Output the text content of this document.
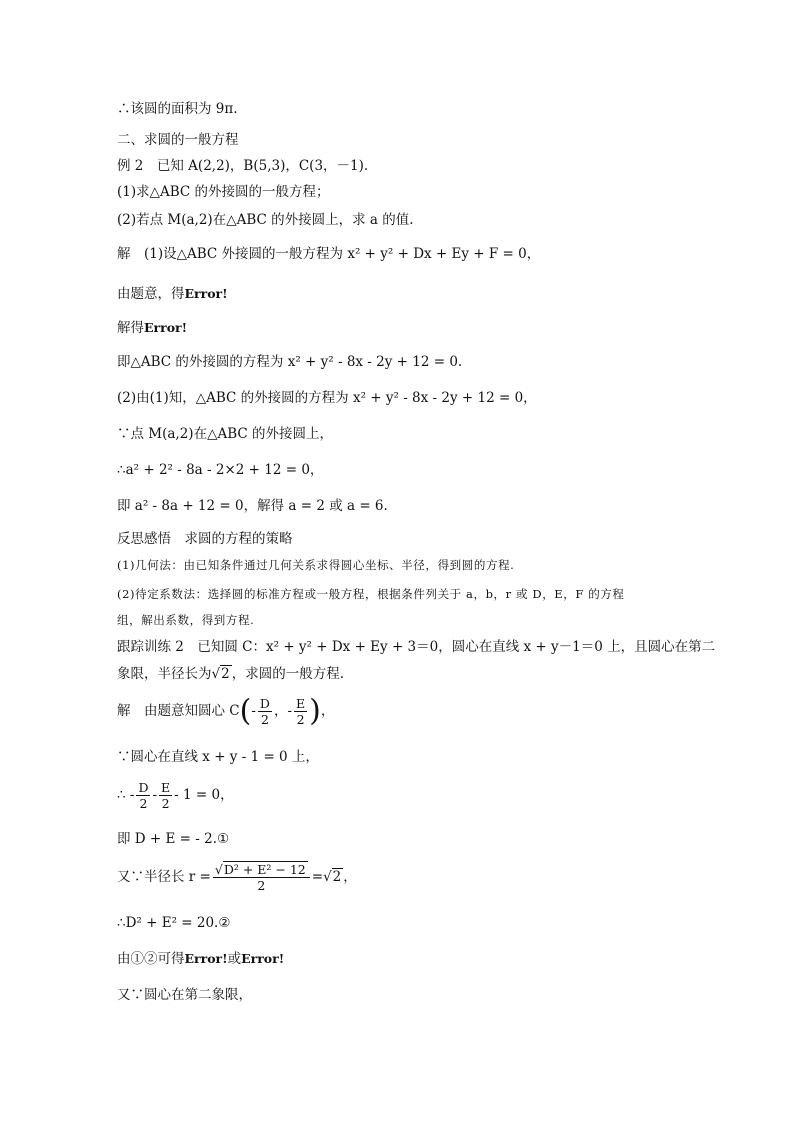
∴该圆的面积为 9π.
二、求圆的一般方程
例 2　已知 A(2,2)，B(5,3)，C(3，－1).
(1)求△ABC 的外接圆的一般方程；
(2)若点 M(a,2)在△ABC 的外接圆上，求 a 的值.
解　(1)设△ABC 外接圆的一般方程为 x² + y² + Dx + Ey + F = 0，
由题意，得Error!
解得Error!
即△ABC 的外接圆的方程为 x² + y² - 8x - 2y + 12 = 0.
(2)由(1)知，△ABC 的外接圆的方程为 x² + y² - 8x - 2y + 12 = 0，
∵点 M(a,2)在△ABC 的外接圆上，
∴a² + 2² - 8a - 2×2 + 12 = 0，
即 a² - 8a + 12 = 0，解得 a = 2 或 a = 6.
反思感悟　求圆的方程的策略
(1)几何法：由已知条件通过几何关系求得圆心坐标、半径，得到圆的方程.
(2)待定系数法：选择圆的标准方程或一般方程，根据条件列关于 a，b，r 或 D，E，F 的方程
组，解出系数，得到方程.
跟踪训练 2　已知圆 C：x² + y² + Dx + Ey + 3＝0，圆心在直线 x + y－1＝0 上，且圆心在第二
象限，半径长为√2 ，求圆的一般方程.
解　由题意知圆心 $C(- \frac{D}{2}$ ，- $\frac{E}{2}$ )，
∵圆心在直线 x + y - 1 = 0 上，
∴ - $\frac{D}{2} - \frac{E}{2} - 1 = 0$，
即 D + E = - 2.①
又∵半径长 $r = \frac{\text{√D² + E² − 12}}{2} =√2$ ，
∴D² + E² = 20.②
由①②可得Error!或Error!
又∵圆心在第二象限，
